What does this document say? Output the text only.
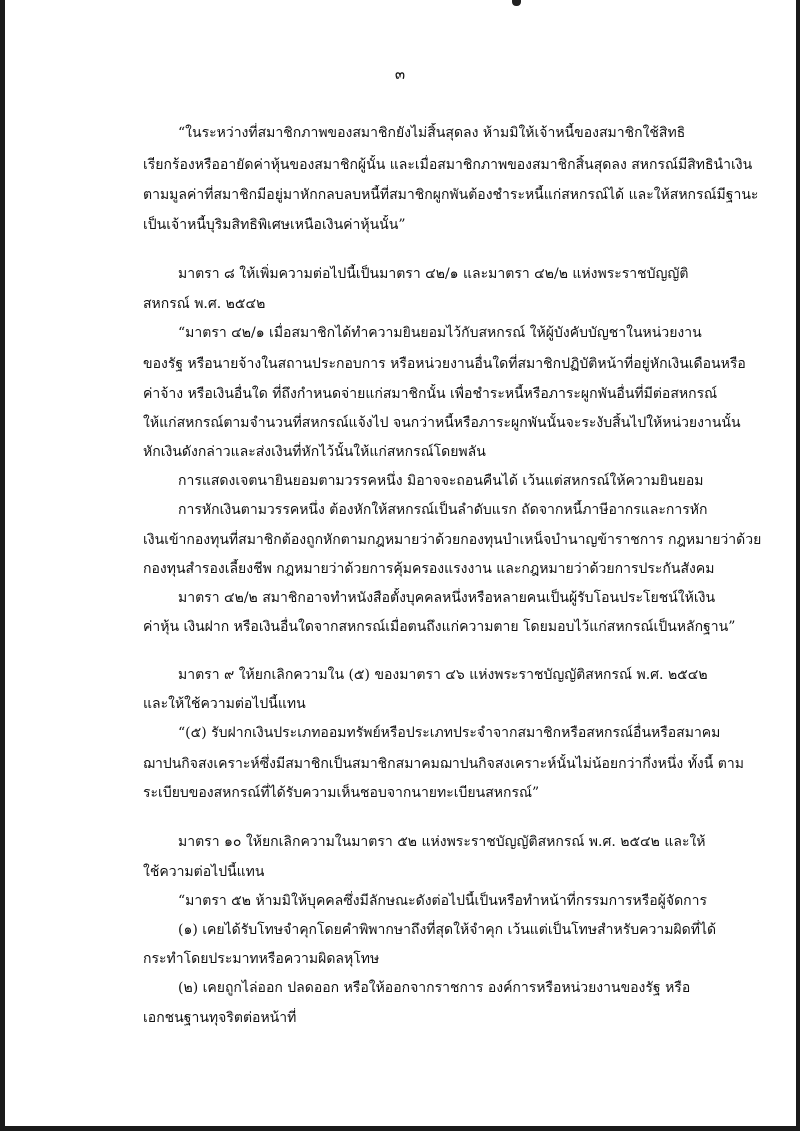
๓
“ในระหว่างที่สมาชิกภาพของสมาชิกยังไม่สิ้นสุดลง ห้ามมิให้เจ้าหนี้ของสมาชิกใช้สิทธิ
เรียกร้องหรืออายัดค่าหุ้นของสมาชิกผู้นั้น และเมื่อสมาชิกภาพของสมาชิกสิ้นสุดลง สหกรณ์มีสิทธินำเงิน
ตามมูลค่าที่สมาชิกมีอยู่มาหักกลบลบหนี้ที่สมาชิกผูกพันต้องชำระหนี้แก่สหกรณ์ได้ และให้สหกรณ์มีฐานะ
เป็นเจ้าหนี้บุริมสิทธิพิเศษเหนือเงินค่าหุ้นนั้น”
มาตรา ๘ ให้เพิ่มความต่อไปนี้เป็นมาตรา ๔๒/๑ และมาตรา ๔๒/๒ แห่งพระราชบัญญัติ
สหกรณ์ พ.ศ. ๒๕๔๒
“มาตรา ๔๒/๑ เมื่อสมาชิกได้ทำความยินยอมไว้กับสหกรณ์ ให้ผู้บังคับบัญชาในหน่วยงาน
ของรัฐ หรือนายจ้างในสถานประกอบการ หรือหน่วยงานอื่นใดที่สมาชิกปฏิบัติหน้าที่อยู่หักเงินเดือนหรือ
ค่าจ้าง หรือเงินอื่นใด ที่ถึงกำหนดจ่ายแก่สมาชิกนั้น เพื่อชำระหนี้หรือภาระผูกพันอื่นที่มีต่อสหกรณ์
ให้แก่สหกรณ์ตามจำนวนที่สหกรณ์แจ้งไป จนกว่าหนี้หรือภาระผูกพันนั้นจะระงับสิ้นไปให้หน่วยงานนั้น
หักเงินดังกล่าวและส่งเงินที่หักไว้นั้นให้แก่สหกรณ์โดยพลัน
การแสดงเจตนายินยอมตามวรรคหนึ่ง มิอาจจะถอนคืนได้ เว้นแต่สหกรณ์ให้ความยินยอม
การหักเงินตามวรรคหนึ่ง ต้องหักให้สหกรณ์เป็นลำดับแรก ถัดจากหนี้ภาษีอากรและการหัก
เงินเข้ากองทุนที่สมาชิกต้องถูกหักตามกฎหมายว่าด้วยกองทุนบำเหน็จบำนาญข้าราชการ กฎหมายว่าด้วย
กองทุนสำรองเลี้ยงชีพ กฎหมายว่าด้วยการคุ้มครองแรงงาน และกฎหมายว่าด้วยการประกันสังคม
มาตรา ๔๒/๒ สมาชิกอาจทำหนังสือตั้งบุคคลหนึ่งหรือหลายคนเป็นผู้รับโอนประโยชน์ให้เงิน
ค่าหุ้น เงินฝาก หรือเงินอื่นใดจากสหกรณ์เมื่อตนถึงแก่ความตาย โดยมอบไว้แก่สหกรณ์เป็นหลักฐาน”
มาตรา ๙ ให้ยกเลิกความใน (๕) ของมาตรา ๔๖ แห่งพระราชบัญญัติสหกรณ์ พ.ศ. ๒๕๔๒
และให้ใช้ความต่อไปนี้แทน
“(๕) รับฝากเงินประเภทออมทรัพย์หรือประเภทประจำจากสมาชิกหรือสหกรณ์อื่นหรือสมาคม
ฌาปนกิจสงเคราะห์ซึ่งมีสมาชิกเป็นสมาชิกสมาคมฌาปนกิจสงเคราะห์นั้นไม่น้อยกว่ากึ่งหนึ่ง ทั้งนี้ ตาม
ระเบียบของสหกรณ์ที่ได้รับความเห็นชอบจากนายทะเบียนสหกรณ์”
มาตรา ๑๐ ให้ยกเลิกความในมาตรา ๕๒ แห่งพระราชบัญญัติสหกรณ์ พ.ศ. ๒๕๔๒ และให้
ใช้ความต่อไปนี้แทน
“มาตรา ๕๒ ห้ามมิให้บุคคลซึ่งมีลักษณะดังต่อไปนี้เป็นหรือทำหน้าที่กรรมการหรือผู้จัดการ
(๑) เคยได้รับโทษจำคุกโดยคำพิพากษาถึงที่สุดให้จำคุก เว้นแต่เป็นโทษสำหรับความผิดที่ได้
กระทำโดยประมาทหรือความผิดลหุโทษ
(๒) เคยถูกไล่ออก ปลดออก หรือให้ออกจากราชการ องค์การหรือหน่วยงานของรัฐ หรือ
เอกชนฐานทุจริตต่อหน้าที่
